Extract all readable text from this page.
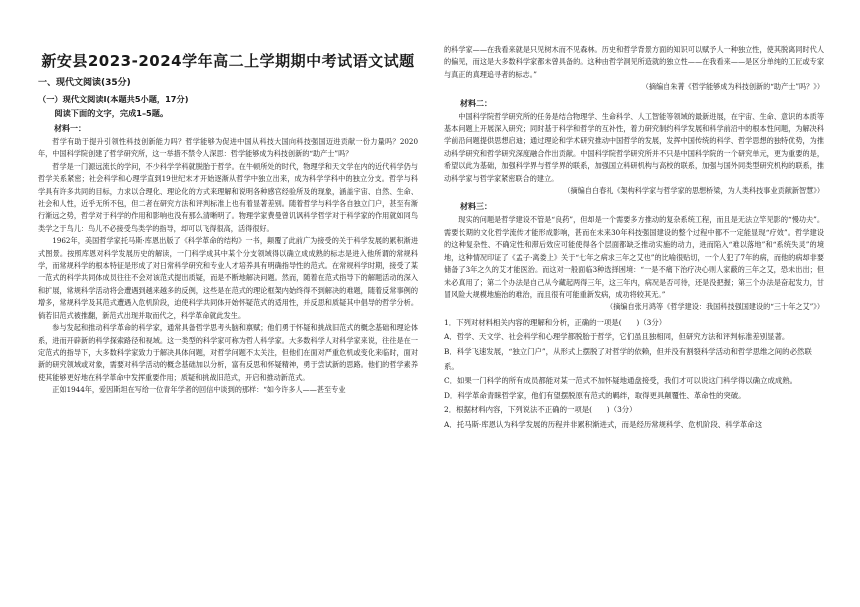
新安县2023-2024学年高二上学期期中考试语文试题

一、现代文阅读(35分)

（一）现代文阅读I(本题共5小题，17分)

阅读下面的文字，完成1–5题。

材料一：

哲学有助于提升引领性科技创新能力吗？哲学能够为促进中国从科技大国向科技强国迈进贡献一份力量吗？2020年，中国科学院创建了哲学研究所，这一举措不禁令人深思：哲学能够成为科技创新的“助产士”吗？

哲学是一门源远流长的学问，不少科学学科就脱胎于哲学。在牛顿所处的时代，物理学和天文学在内的近代科学仍与哲学关系紧密；社会科学和心理学直到19世纪末才开始逐渐从哲学中独立出来，成为科学学科中的独立分支。哲学与科学具有许多共同的目标，力求以合理化、理论化的方式来理解和说明各种感官经验所及的现象，涵盖宇宙、自然、生命、社会和人性，近乎无所不包，但二者在研究方法和评判标准上也有着显著差别。随着哲学与科学各自独立门户，甚至有渐行渐远之势，哲学对于科学的作用和影响也没有那么清晰明了。物理学家费曼曾讥讽科学哲学对于科学家的作用就如同鸟类学之于鸟儿：鸟儿不必接受鸟类学的指导，却可以飞得很高，活得很好。

1962年，美国哲学家托马斯·库恩出版了《科学革命的结构》一书，颠覆了此前广为接受的关于科学发展的累积渐进式图景。按照库恩对科学发展历史的解读，一门科学成其中某个分支领域得以确立成成熟的标志是进入他所谓的常规科学，而常规科学的根本特征是形成了对日常科学研究和专业人才培养具有明确指导性的范式。在常规科学时期，接受了某一范式的科学共同体成员往往不会对该范式提出质疑，而是不断地解决问题。然而，随着在范式指导下的解题活动的深入和扩展，常规科学活动将会遭遇到越来越多的反例，这些是在范式的理论框架内始终得不到解决的难题，随着反常事例的增多，常规科学及其范式遭遇入危机阶段，迫使科学共同体开始怀疑范式的适用性，并反思和质疑其中倡导的哲学分析。倘若旧范式被推翻，新范式出现并取而代之，科学革命就此发生。

参与发起和推动科学革命的科学家，通常具备哲学思考头脑和禀赋；他们勇于怀疑和挑战旧范式的概念基础和理论体系，进而开辟新的科学探索路径和视域。这一类型的科学家可称为哲人科学家。大多数科学人对科学家来说，往往是在一定范式的指导下，大多数科学家致力于解决具体问题，对哲学问题不太关注，但他们在面对严重危机或变化来临时，面对新的研究领域或对象，需要对科学活动的概念基础加以分析，富有反思和怀疑精神，勇于尝试新的思路。他们的哲学素养使其能够更好地在科学革命中发挥重要作用；质疑和挑战旧范式，开启和推动新范式。

正如1944年，爱因斯坦在写给一位青年学者的回信中谈到的那样：“如今许多人——甚至专业

的科学家——在我看来就是只见树木而不见森林。历史和哲学背景方面的知识可以赋予人一种独立性，使其脱离同时代人的偏见，而这是大多数科学家都未曾具备的。这种由哲学洞见所造就的独立性——在我看来——是区分单纯的工匠或专家与真正的真理追寻者的标志。”

（摘编自朱菁《哲学能够成为科技创新的“助产士”吗？》）

材料二：

中国科学院哲学研究所的任务是结合物理学、生命科学、人工智能等领域的最新进展，在宇宙、生命、意识的本质等基本问题上开展深入研究；同时基于科学和哲学的互补性，着力研究制约科学发展和科学前沿中的根本性问题，为解决科学前沿问题提供思想启迪；通过理论和学术研究推动中国哲学的发展，发挥中国传统的科学、哲学思想的独特优势，为推动科学研究和哲学研究深度融合作出贡献。中国科学院哲学研究所并不只是中国科学院的一个研究单元，更为重要的是，希望以此为基础，加强科学界与哲学界的联系，加强国立科研机构与高校的联系，加强与国外同类型研究机构的联系，推动科学家与哲学家紧密联合的建立。

（摘编自白春礼《架构科学家与哲学家的思想桥梁，为人类科技事业贡献新智慧》）

材料三：

现实的问题是哲学建设不管是“良药”，但却是一个需要多方推动的复杂系统工程，而且是无法立竿见影的“慢功夫”。需要长期的文化哲学流传才能形成影响，甚而在未来30年科技强国建设的整个过程中都不一定能显现“疗效”。哲学建设的这种复杂性、不确定性和滞后效应可能使得各个层面都缺乏推动实施的动力，进而陷入“难以落地”和“系统失灵”的境地，这种情况印证了《孟子·离娄上》关于“七年之病求三年之艾也”的比喻很贴切，一个人犯了7年的病，而他的病却非要储备了3年之久的艾才能医治。而这对一般面临3种选择困境：“一是不痛下治疗决心则人家蔽的三年之艾，恐未出出；但未必真用了；第二个办法是自己从今藏起两得三年，这三年内，病况是否可待，还是没把握；第三个办法是奋起发力，甘冒风险大规模地施治的难治，而且很有可能重新发病，成功将较其无。”

（摘编自张月鸿等《哲学建设：我国科技强国建设的“三十年之艾”》）

1．下列对材料相关内容的理解和分析，正确的一项是(　　)（3分）

A．哲学、天文学、社会科学和心理学都脱胎于哲学，它们虽且独相同，但研究方法和评判标准差别显著。

B．科学飞速发展，“独立门户”，从形式上摆脱了对哲学的依赖，但并没有割裂科学活动和哲学思维之间的必然联系。

C．如果一门科学的所有成员都能对某一范式不加怀疑地通盘接受，我们才可以说这门科学得以确立成成熟。

D．科学革命青睐哲学家，他们有望摆脱原有范式的羁绊，取得更具颠覆性、革命性的突破。

2．根据材料内容，下列说法不正确的一项是(　　)（3分）

A．托马斯·库恩认为科学发展的历程并非累积渐进式，而是经历常规科学、危机阶段、科学革命这
